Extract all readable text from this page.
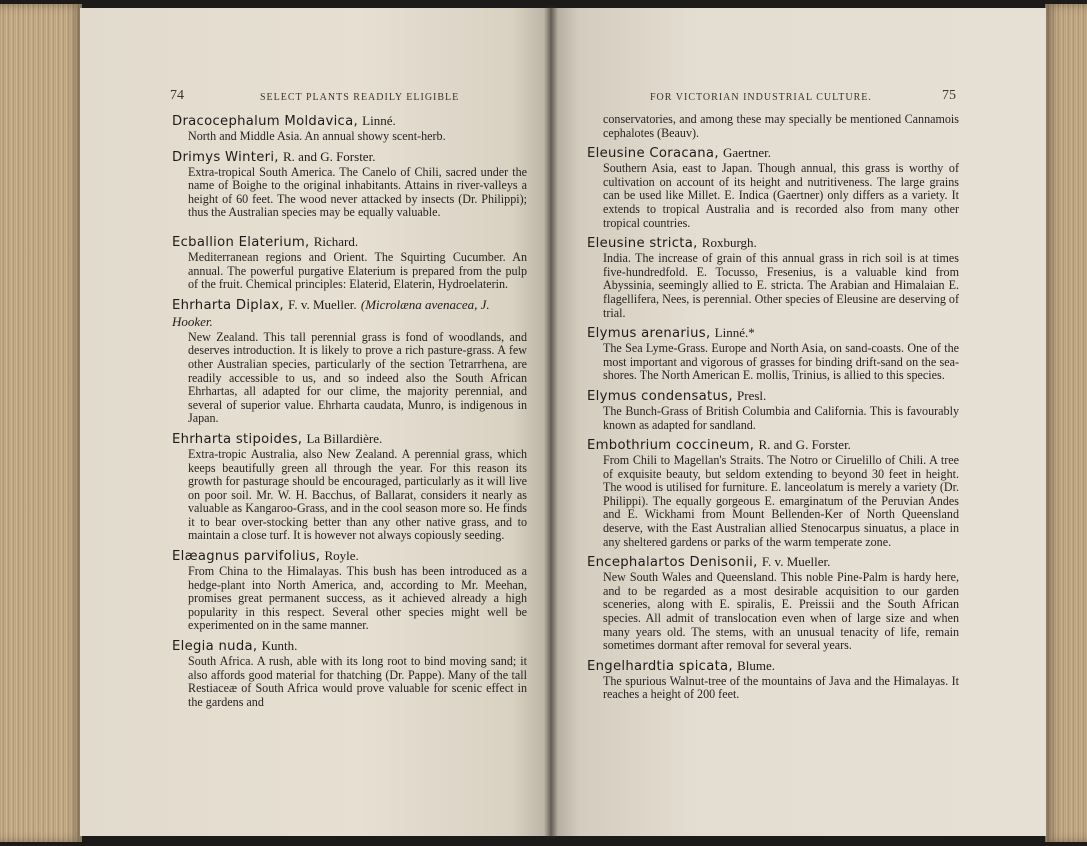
74	SELECT PLANTS READILY ELIGIBLE	FOR VICTORIAN INDUSTRIAL CULTURE.	75
Dracocephalum Moldavica, Linné.
North and Middle Asia. An annual showy scent-herb.
Drimys Winteri, R. and G. Forster.
Extra-tropical South America. The Canelo of Chili, sacred under the name of Boighe to the original inhabitants. Attains in river-valleys a height of 60 feet. The wood never attacked by insects (Dr. Philippi); thus the Australian species may be equally valuable.
Ecballion Elaterium, Richard.
Mediterranean regions and Orient. The Squirting Cucumber. An annual. The powerful purgative Elaterium is prepared from the pulp of the fruit. Chemical principles: Elaterid, Elaterin, Hydroelaterin.
Ehrharta Diplax, F. v. Mueller. (Microlæna avenacea, J. Hooker.
New Zealand. This tall perennial grass is fond of woodlands, and deserves introduction. It is likely to prove a rich pasture-grass. A few other Australian species, particularly of the section Tetrarrhena, are readily accessible to us, and so indeed also the South African Ehrhartas, all adapted for our clime, the majority perennial, and several of superior value. Ehrharta caudata, Munro, is indigenous in Japan.
Ehrharta stipoides, La Billardière.
Extra-tropic Australia, also New Zealand. A perennial grass, which keeps beautifully green all through the year. For this reason its growth for pasturage should be encouraged, particularly as it will live on poor soil. Mr. W. H. Bacchus, of Ballarat, considers it nearly as valuable as Kangaroo-Grass, and in the cool season more so. He finds it to bear over-stocking better than any other native grass, and to maintain a close turf. It is however not always copiously seeding.
Elæagnus parvifolius, Royle.
From China to the Himalayas. This bush has been introduced as a hedge-plant into North America, and, according to Mr. Meehan, promises great permanent success, as it achieved already a high popularity in this respect. Several other species might well be experimented on in the same manner.
Elegia nuda, Kunth.
South Africa. A rush, able with its long root to bind moving sand; it also affords good material for thatching (Dr. Pappe). Many of the tall Restiaceæ of South Africa would prove valuable for scenic effect in the gardens and
conservatories, and among these may specially be mentioned Cannamois cephalotes (Beauv).
Eleusine Coracana, Gaertner.
Southern Asia, east to Japan. Though annual, this grass is worthy of cultivation on account of its height and nutritiveness. The large grains can be used like Millet. E. Indica (Gaertner) only differs as a variety. It extends to tropical Australia and is recorded also from many other tropical countries.
Eleusine stricta, Roxburgh.
India. The increase of grain of this annual grass in rich soil is at times five-hundredfold. E. Tocusso, Fresenius, is a valuable kind from Abyssinia, seemingly allied to E. stricta. The Arabian and Himalaian E. flagellifera, Nees, is perennial. Other species of Eleusine are deserving of trial.
Elymus arenarius, Linné.*
The Sea Lyme-Grass. Europe and North Asia, on sand-coasts. One of the most important and vigorous of grasses for binding drift-sand on the sea-shores. The North American E. mollis, Trinius, is allied to this species.
Elymus condensatus, Presl.
The Bunch-Grass of British Columbia and California. This is favourably known as adapted for sandland.
Embothrium coccineum, R. and G. Forster.
From Chili to Magellan's Straits. The Notro or Ciruelillo of Chili. A tree of exquisite beauty, but seldom extending to beyond 30 feet in height. The wood is utilised for furniture. E. lanceolatum is merely a variety (Dr. Philippi). The equally gorgeous E. emarginatum of the Peruvian Andes and E. Wickhami from Mount Bellenden-Ker of North Queensland deserve, with the East Australian allied Stenocarpus sinuatus, a place in any sheltered gardens or parks of the warm temperate zone.
Encephalartos Denisonii, F. v. Mueller.
New South Wales and Queensland. This noble Pine-Palm is hardy here, and to be regarded as a most desirable acquisition to our garden sceneries, along with E. spiralis, E. Preissii and the South African species. All admit of translocation even when of large size and when many years old. The stems, with an unusual tenacity of life, remain sometimes dormant after removal for several years.
Engelhardtia spicata, Blume.
The spurious Walnut-tree of the mountains of Java and the Himalayas. It reaches a height of 200 feet.
